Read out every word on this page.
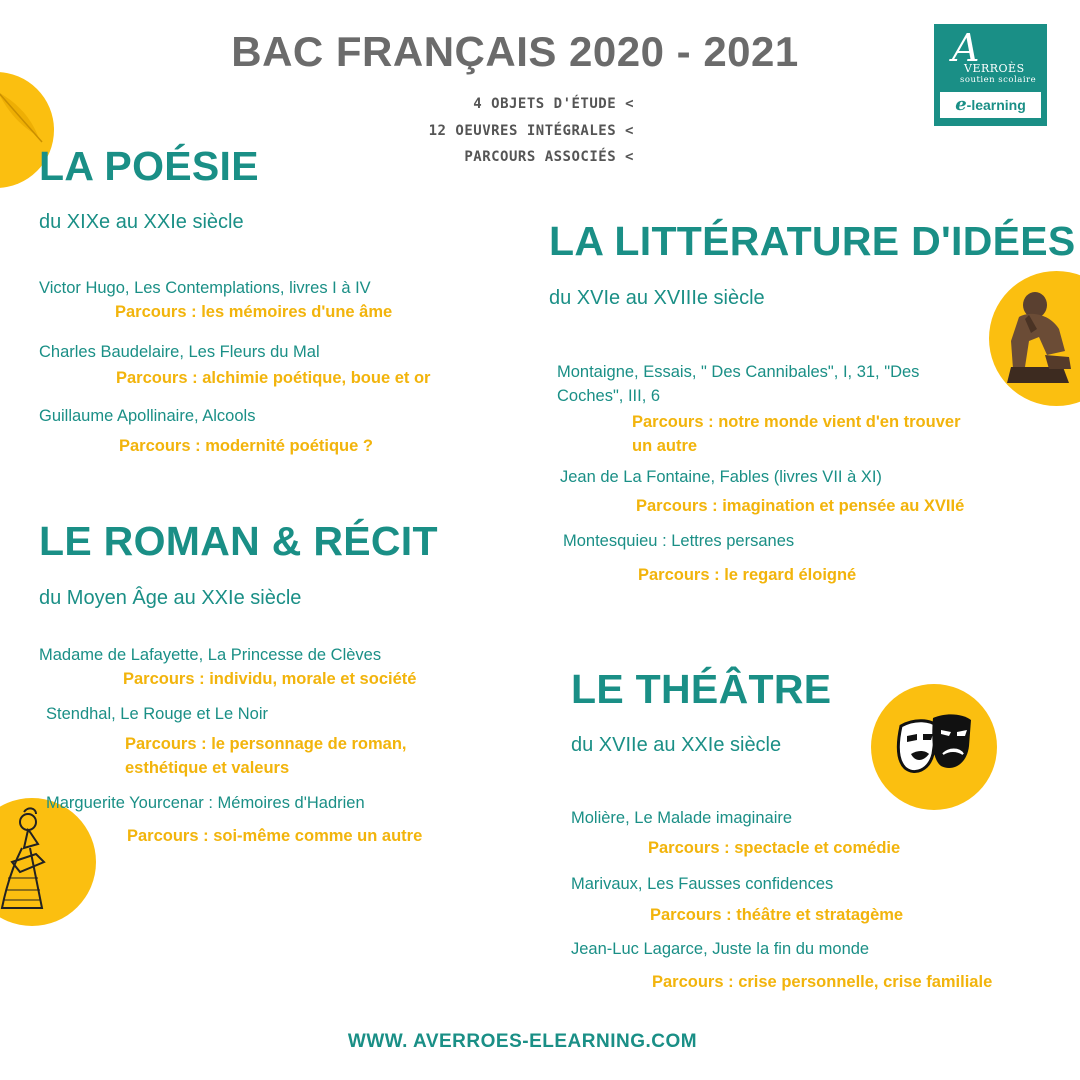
BAC FRANÇAIS 2020 - 2021
4 OBJETS D'ÉTUDE <
12 OEUVRES INTÉGRALES <
PARCOURS ASSOCIÉS <
A
VERROÈS
soutien scolaire
e-learning
LA POÉSIE
du XIXe au XXIe siècle
Victor Hugo, Les Contemplations, livres I à IV
Parcours : les mémoires d'une âme
Charles Baudelaire, Les Fleurs du Mal
Parcours : alchimie poétique, boue et or
Guillaume Apollinaire, Alcools
Parcours : modernité poétique ?
LE ROMAN & RÉCIT
du Moyen Âge au XXIe siècle
Madame de Lafayette, La Princesse de Clèves
Parcours : individu, morale et société
Stendhal, Le Rouge et Le Noir
Parcours : le personnage de roman,
esthétique et valeurs
Marguerite Yourcenar : Mémoires d'Hadrien
Parcours : soi-même comme un autre
LA LITTÉRATURE D'IDÉES
du XVIe au XVIIIe siècle
Montaigne, Essais, " Des Cannibales", I, 31, "Des
Coches", III, 6
Parcours : notre monde vient d'en trouver
un autre
Jean de La Fontaine, Fables (livres VII à XI)
Parcours : imagination et pensée au XVIIé
Montesquieu : Lettres persanes
Parcours : le regard éloigné
LE THÉÂTRE
du XVIIe au XXIe siècle
Molière, Le Malade imaginaire
Parcours : spectacle et comédie
Marivaux, Les Fausses confidences
Parcours : théâtre et stratagème
Jean-Luc Lagarce, Juste la fin du monde
Parcours : crise personnelle, crise familiale
WWW. AVERROES-ELEARNING.COM
